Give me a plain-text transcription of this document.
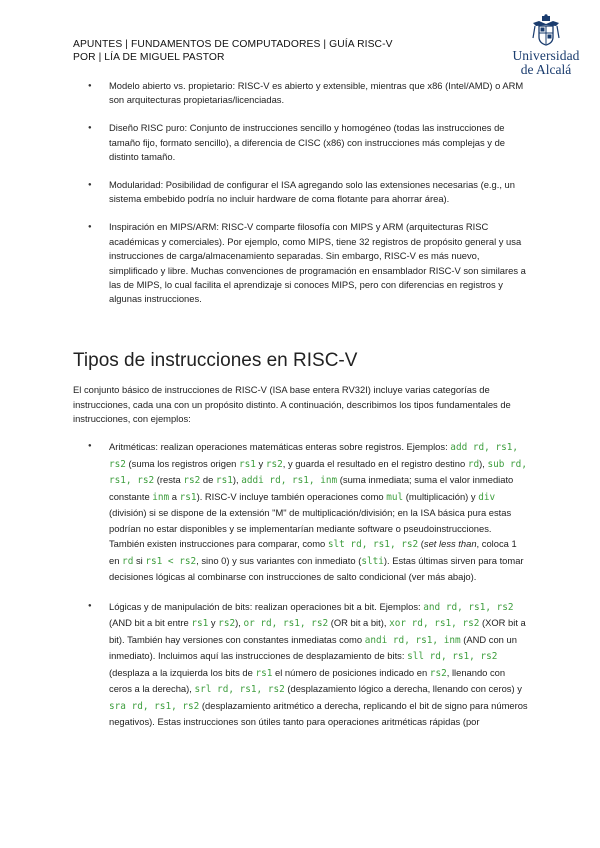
APUNTES | FUNDAMENTOS DE COMPUTADORES | GUÍA RISC-V
POR | LÍA DE MIGUEL PASTOR	Universidad
de Alcalá
● Modelo abierto vs. propietario: RISC-V es abierto y extensible, mientras que x86 (Intel/AMD) o ARM son arquitecturas propietarias/licenciadas.
● Diseño RISC puro: Conjunto de instrucciones sencillo y homogéneo (todas las instrucciones de tamaño fijo, formato sencillo), a diferencia de CISC (x86) con instrucciones más complejas y de distinto tamaño.
● Modularidad: Posibilidad de configurar el ISA agregando solo las extensiones necesarias (e.g., un sistema embebido podría no incluir hardware de coma flotante para ahorrar área).
● Inspiración en MIPS/ARM: RISC-V comparte filosofía con MIPS y ARM (arquitecturas RISC académicas y comerciales). Por ejemplo, como MIPS, tiene 32 registros de propósito general y usa instrucciones de carga/almacenamiento separadas. Sin embargo, RISC-V es más nuevo, simplificado y libre. Muchas convenciones de programación en ensamblador RISC-V son similares a las de MIPS, lo cual facilita el aprendizaje si conoces MIPS, pero con diferencias en registros y algunas instrucciones.
Tipos de instrucciones en RISC-V

El conjunto básico de instrucciones de RISC-V (ISA base entera RV32I) incluye varias categorías de instrucciones, cada una con un propósito distinto. A continuación, describimos los tipos fundamentales de instrucciones, con ejemplos:

● Aritméticas: realizan operaciones matemáticas enteras sobre registros. Ejemplos: add rd, rs1, rs2 (suma los registros origen rs1 y rs2, y guarda el resultado en el registro destino rd), sub rd, rs1, rs2 (resta rs2 de rs1), addi rd, rs1, inm (suma inmediata; suma el valor inmediato constante inm a rs1). RISC-V incluye también operaciones como mul (multiplicación) y div (división) si se dispone de la extensión "M" de multiplicación/división; en la ISA básica pura estas podrían no estar disponibles y se implementarían mediante software o pseudoinstrucciones. También existen instrucciones para comparar, como slt rd, rs1, rs2 (set less than, coloca 1 en rd si rs1 < rs2, sino 0) y sus variantes con inmediato (slti). Estas últimas sirven para tomar decisiones lógicas al combinarse con instrucciones de salto condicional (ver más abajo).
● Lógicas y de manipulación de bits: realizan operaciones bit a bit. Ejemplos: and rd, rs1, rs2 (AND bit a bit entre rs1 y rs2), or rd, rs1, rs2 (OR bit a bit), xor rd, rs1, rs2 (XOR bit a bit). También hay versiones con constantes inmediatas como andi rd, rs1, inm (AND con un inmediato). Incluimos aquí las instrucciones de desplazamiento de bits: sll rd, rs1, rs2 (desplaza a la izquierda los bits de rs1 el número de posiciones indicado en rs2, llenando con ceros a la derecha), srl rd, rs1, rs2 (desplazamiento lógico a derecha, llenando con ceros) y sra rd, rs1, rs2 (desplazamiento aritmético a derecha, replicando el bit de signo para números negativos). Estas instrucciones son útiles tanto para operaciones aritméticas rápidas (por
